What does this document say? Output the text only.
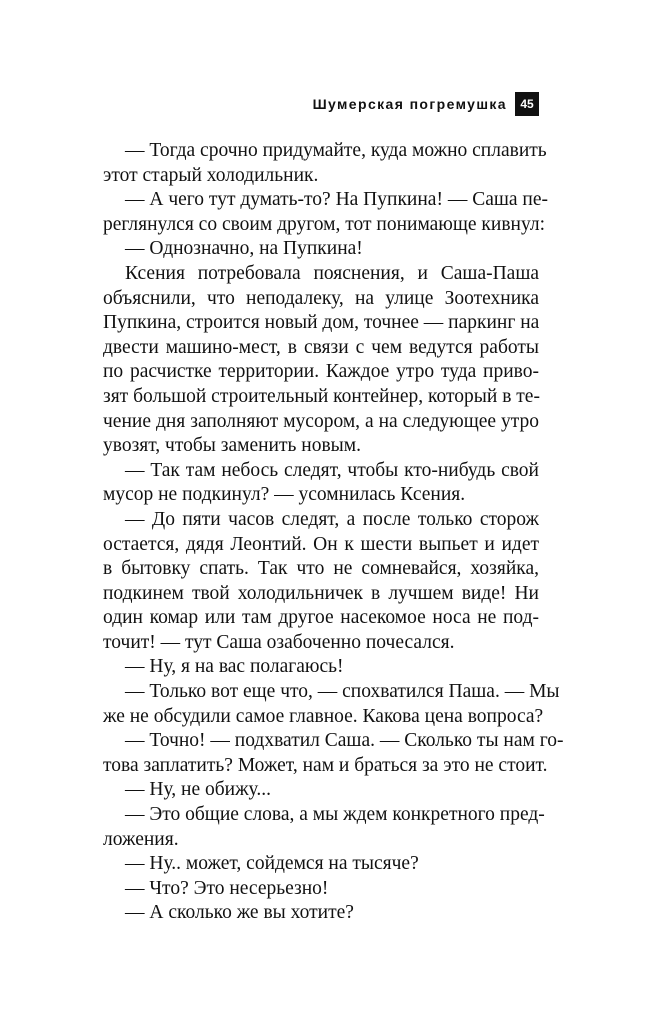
Шумерская погремушка	45
— Тогда срочно придумайте, куда можно сплавить
этот старый холодильник.
— А чего тут думать-то? На Пупкина! — Саша пе-
реглянулся со своим другом, тот понимающе кивнул:
— Однозначно, на Пупкина!
Ксения потребовала пояснения, и Саша-Паша
объяснили, что неподалеку, на улице Зоотехника
Пупкина, строится новый дом, точнее — паркинг на
двести машино-мест, в связи с чем ведутся работы
по расчистке территории. Каждое утро туда приво-
зят большой строительный контейнер, который в те-
чение дня заполняют мусором, а на следующее утро
увозят, чтобы заменить новым.
— Так там небось следят, чтобы кто-нибудь свой
мусор не подкинул? — усомнилась Ксения.
— До пяти часов следят, а после только сторож
остается, дядя Леонтий. Он к шести выпьет и идет
в бытовку спать. Так что не сомневайся, хозяйка,
подкинем твой холодильничек в лучшем виде! Ни
один комар или там другое насекомое носа не под-
точит! — тут Саша озабоченно почесался.
— Ну, я на вас полагаюсь!
— Только вот еще что, — спохватился Паша. — Мы
же не обсудили самое главное. Какова цена вопроса?
— Точно! — подхватил Саша. — Сколько ты нам го-
това заплатить? Может, нам и браться за это не стоит.
— Ну, не обижу...
— Это общие слова, а мы ждем конкретного пред-
ложения.
— Ну.. может, сойдемся на тысяче?
— Что? Это несерьезно!
— А сколько же вы хотите?
